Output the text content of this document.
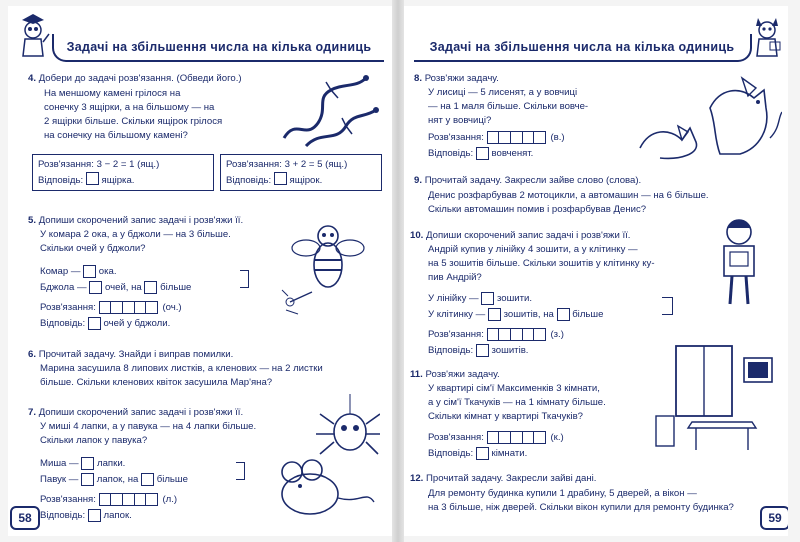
Задачі на збільшення числа на кілька одиниць
4. Добери до задачі розв'язання. (Обведи його.)
На меншому камені грілося на
сонечку 3 ящірки, а на більшому — на
2 ящірки більше. Скільки ящірок грілося
на сонечку на більшому камені?
Розв'язання: 3 − 2 = 1 (ящ.)
Відповідь: ящірка.
Розв'язання: 3 + 2 = 5 (ящ.)
Відповідь: ящірок.
5. Допиши скорочений запис задачі і розв'яжи її.
У комара 2 ока, а у бджоли — на 3 більше.
Скільки очей у бджоли?
Комар —

ока.
Бджола —

очей, на

більше
Розв'язання:	(оч.)
Відповідь:

очей у бджоли.
6. Прочитай задачу. Знайди і виправ помилки.
Марина засушила 8 липових листків, а кленових — на 2 листки
більше. Скільки кленових квіток засушила Мар'яна?
7. Допиши скорочений запис задачі і розв'яжи її.
У миші 4 лапки, а у павука — на 4 лапки більше.
Скільки лапок у павука?
Миша —

лапки.
Павук —

лапок, на

більше
Розв'язання:	(л.)
Відповідь:

лапок.
58
Задачі на збільшення числа на кілька одиниць
8. Розв'яжи задачу.
У лисиці — 5 лисенят, а у вовчиці
— на 1 маля більше. Скільки вовче-
нят у вовчиці?
Розв'язання:	(в.)
Відповідь:

вовченят.
9. Прочитай задачу. Закресли зайве слово (слова).
Денис розфарбував 2 мотоцикли, а автомашин — на 6 більше.
Скільки автомашин помив і розфарбував Денис?
10. Допиши скорочений запис задачі і розв'яжи її.
Андрій купив у лінійку 4 зошити, а у клітинку —
на 5 зошитів більше. Скільки зошитів у клітинку ку-
пив Андрій?
У лінійку —

зошити.
У клітинку —

зошитів, на

більше
Розв'язання:	(з.)
Відповідь:

зошитів.
11. Розв'яжи задачу.
У квартирі сім'ї Максименків 3 кімнати,
а у сім'ї Ткачуків — на 1 кімнату більше.
Скільки кімнат у квартирі Ткачуків?
Розв'язання:	(к.)
Відповідь:

кімнати.
12. Прочитай задачу. Закресли зайві дані.
Для ремонту будинка купили 1 драбину, 5 дверей, а вікон —
на 3 більше, ніж дверей. Скільки вікон купили для ремонту будинка?
59
